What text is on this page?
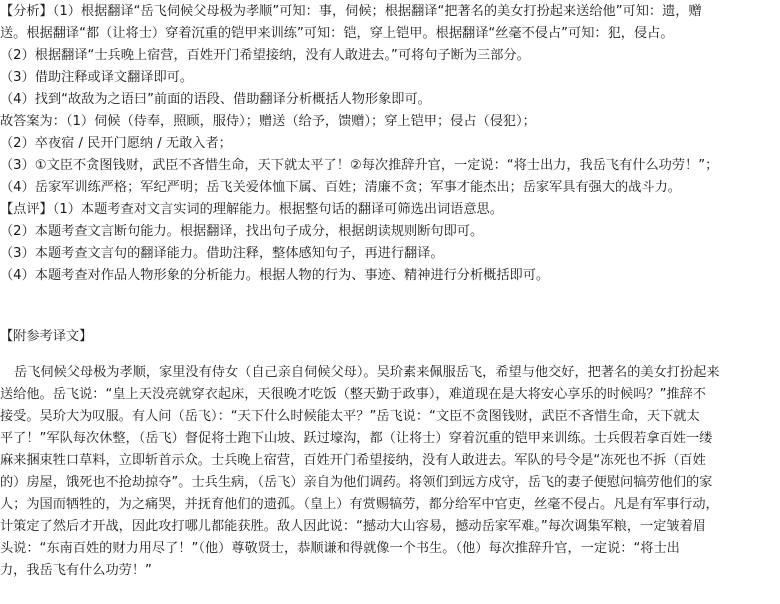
【分析】（1）根据翻译“岳飞伺候父母极为孝顺”可知：事，伺候；根据翻译“把著名的美女打扮起来送给他”可知：遗，赠
送。根据翻译“都（让将士）穿着沉重的铠甲来训练”可知：铠，穿上铠甲。根据翻译“丝毫不侵占”可知：犯，侵占。
（2）根据翻译“士兵晚上宿营，百姓开门希望接纳，没有人敢进去。”可将句子断为三部分。
（3）借助注释或译文翻译即可。
（4）找到“故敌为之语曰”前面的语段、借助翻译分析概括人物形象即可。
故答案为：（1）伺候（侍奉，照顾，服侍）；赠送（给予，馈赠）；穿上铠甲；侵占（侵犯）；
（2）卒夜宿 / 民开门愿纳 / 无敢入者；
（3）①文臣不贪图钱财，武臣不吝惜生命，天下就太平了！②每次推辞升官，一定说：“将士出力，我岳飞有什么功劳！”；
（4）岳家军训练严格；军纪严明；岳飞关爱体恤下属、百姓；清廉不贪；军事才能杰出；岳家军具有强大的战斗力。
【点评】（1）本题考查对文言实词的理解能力。根据整句话的翻译可筛选出词语意思。
（2）本题考查文言断句能力。根据翻译，找出句子成分，根据朗读规则断句即可。
（3）本题考查文言句的翻译能力。借助注释，整体感知句子，再进行翻译。
（4）本题考查对作品人物形象的分析能力。根据人物的行为、事迹、精神进行分析概括即可。
【附参考译文】
岳飞伺候父母极为孝顺，家里没有侍女（自己亲自伺候父母）。吴玠素来佩服岳飞，希望与他交好，把著名的美女打扮起来
送给他。岳飞说：“皇上天没亮就穿衣起床，天很晚才吃饭（整天勤于政事），难道现在是大将安心享乐的时候吗？”推辞不
接受。吴玠大为叹服。有人问（岳飞）：“天下什么时候能太平？”岳飞说：“文臣不贪图钱财，武臣不吝惜生命，天下就太
平了！”军队每次休整，（岳飞）督促将士跑下山坡、跃过壕沟，都（让将士）穿着沉重的铠甲来训练。士兵假若拿百姓一缕
麻来捆束牲口草料，立即斩首示众。士兵晚上宿营，百姓开门希望接纳，没有人敢进去。军队的号令是“冻死也不拆（百姓
的）房屋，饿死也不抢劫掠夺”。士兵生病，（岳飞）亲自为他们调药。将领们到远方戍守，岳飞的妻子便慰问犒劳他们的家
人；为国而牺牲的，为之痛哭，并抚育他们的遗孤。（皇上）有赏赐犒劳，都分给军中官吏，丝毫不侵占。凡是有军事行动，
计策定了然后才开战，因此攻打哪儿都能获胜。敌人因此说：“撼动大山容易，撼动岳家军难。”每次调集军粮，一定皱着眉
头说：“东南百姓的财力用尽了！”（他）尊敬贤士，恭顺谦和得就像一个书生。（他）每次推辞升官，一定说：“将士出
力，我岳飞有什么功劳！”
